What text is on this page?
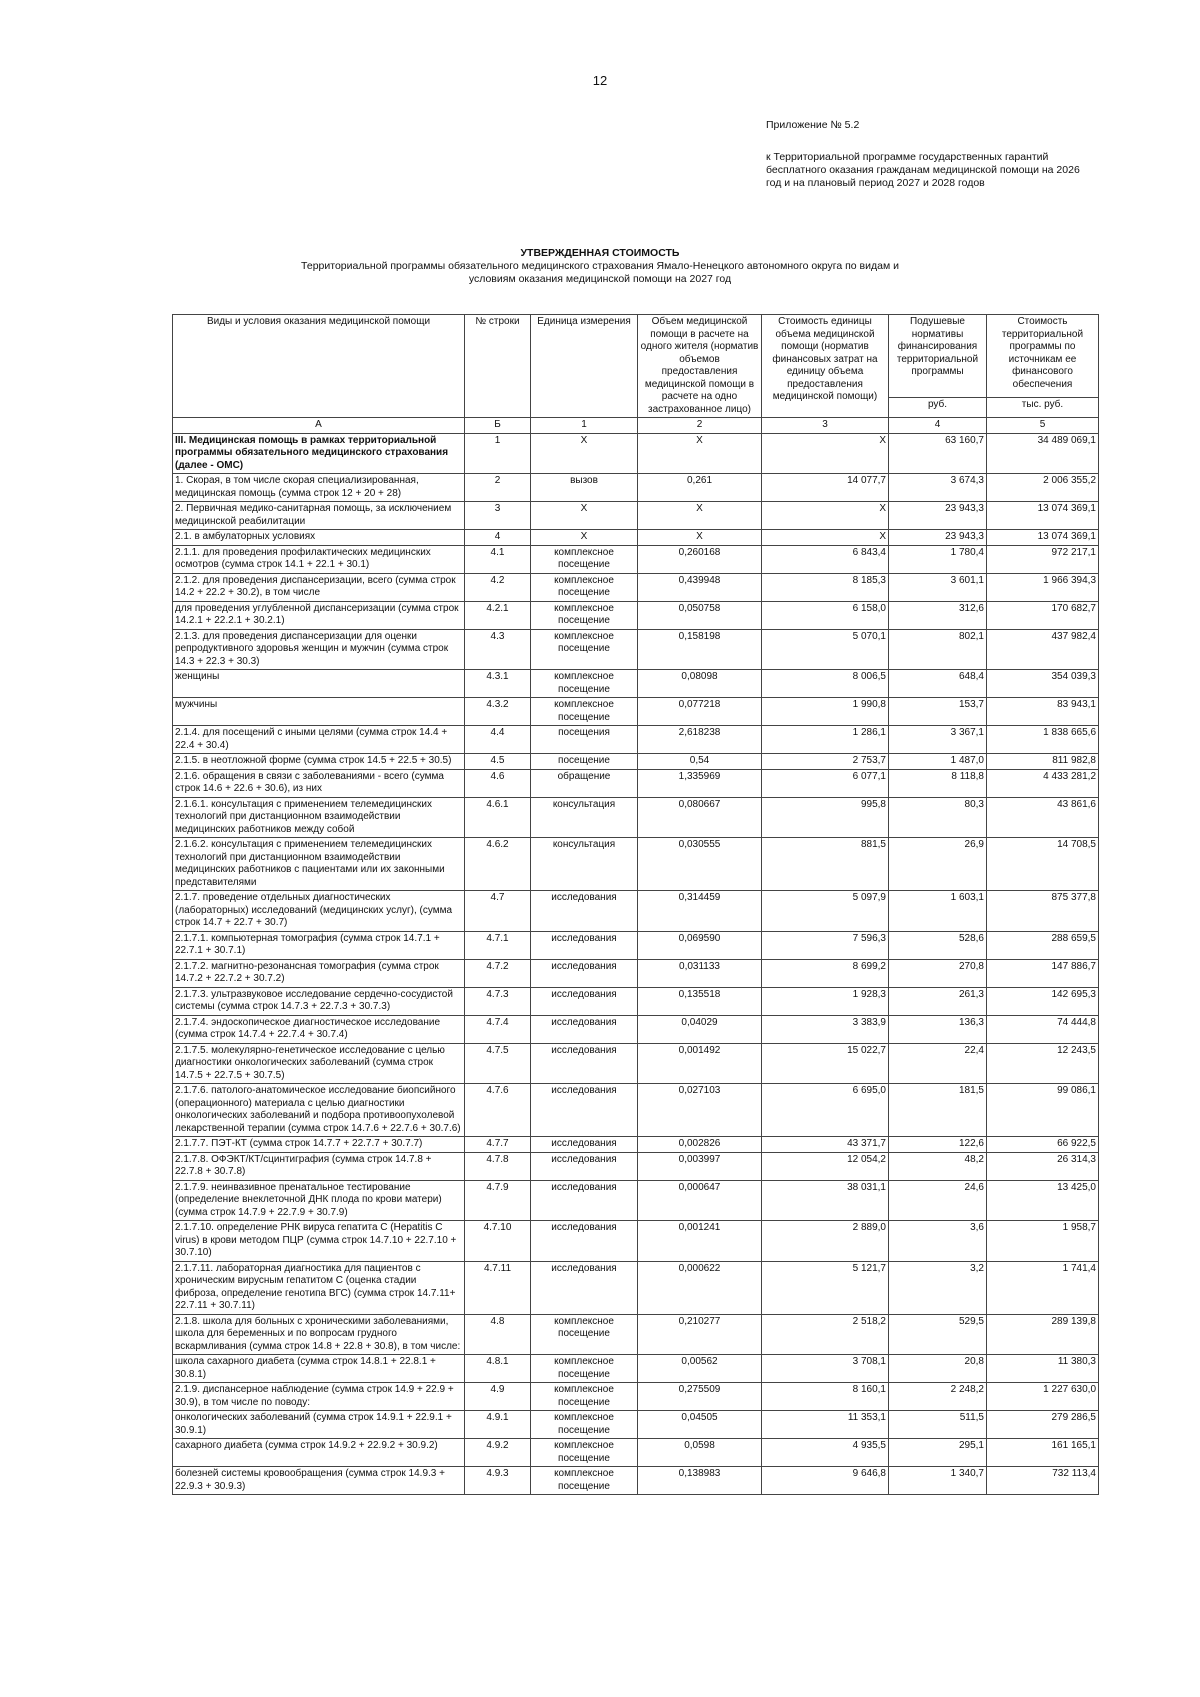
12

Приложение № 5.2

к Территориальной программе государственных гарантий бесплатного оказания гражданам медицинской помощи на 2026 год и на плановый период 2027 и 2028 годов

УТВЕРЖДЕННАЯ СТОИМОСТЬ
Территориальной программы обязательного медицинского страхования Ямало-Ненецкого автономного округа по видам и условиям оказания медицинской помощи на 2027 год
Виды и условия оказания медицинской помощи	№ строки	Единица измерения	Объем медицинской помощи в расчете на одного жителя (норматив объемов предоставления медицинской помощи в расчете на одно застрахованное лицо)	Стоимость единицы объема медицинской помощи (норматив финансовых затрат на единицу объема предоставления медицинской помощи)	Подушевые нормативы финансирования территориальной программы	Стоимость территориальной программы по источникам ее финансового обеспечения
					руб.	тыс. руб.
А	Б	1	2	3	4	5
III. Медицинская помощь в рамках территориальной программы обязательного медицинского страхования (далее - ОМС)	1	Х	Х	Х	63 160,7	34 489 069,1
1. Скорая, в том числе скорая специализированная, медицинская помощь (сумма строк 12 + 20 + 28)	2	вызов	0,261	14 077,7	3 674,3	2 006 355,2
2. Первичная медико-санитарная помощь, за исключением медицинской реабилитации	3	Х	Х	Х	23 943,3	13 074 369,1
2.1. в амбулаторных условиях	4	Х	Х	Х	23 943,3	13 074 369,1
2.1.1. для проведения профилактических медицинских осмотров (сумма строк 14.1 + 22.1 + 30.1)	4.1	комплексное посещение	0,260168	6 843,4	1 780,4	972 217,1
2.1.2. для проведения диспансеризации, всего (сумма строк 14.2 + 22.2 + 30.2), в том числе	4.2	комплексное посещение	0,439948	8 185,3	3 601,1	1 966 394,3
для проведения углубленной диспансеризации (сумма строк 14.2.1 + 22.2.1 + 30.2.1)	4.2.1	комплексное посещение	0,050758	6 158,0	312,6	170 682,7
2.1.3. для проведения диспансеризации для оценки репродуктивного здоровья женщин и мужчин (сумма строк 14.3 + 22.3 + 30.3)	4.3	комплексное посещение	0,158198	5 070,1	802,1	437 982,4
женщины	4.3.1	комплексное посещение	0,08098	8 006,5	648,4	354 039,3
мужчины	4.3.2	комплексное посещение	0,077218	1 990,8	153,7	83 943,1
2.1.4. для посещений с иными целями (сумма строк 14.4 + 22.4 + 30.4)	4.4	посещения	2,618238	1 286,1	3 367,1	1 838 665,6
2.1.5. в неотложной форме (сумма строк 14.5 + 22.5 + 30.5)	4.5	посещение	0,54	2 753,7	1 487,0	811 982,8
2.1.6. обращения в связи с заболеваниями - всего (сумма строк 14.6 + 22.6 + 30.6), из них	4.6	обращение	1,335969	6 077,1	8 118,8	4 433 281,2
2.1.6.1. консультация с применением телемедицинских технологий при дистанционном взаимодействии медицинских работников между собой	4.6.1	консультация	0,080667	995,8	80,3	43 861,6
2.1.6.2. консультация с применением телемедицинских технологий при дистанционном взаимодействии медицинских работников с пациентами или их законными представителями	4.6.2	консультация	0,030555	881,5	26,9	14 708,5
2.1.7. проведение отдельных диагностических (лабораторных) исследований (медицинских услуг), (сумма строк 14.7 + 22.7 + 30.7)	4.7	исследования	0,314459	5 097,9	1 603,1	875 377,8
2.1.7.1. компьютерная томография (сумма строк 14.7.1 + 22.7.1 + 30.7.1)	4.7.1	исследования	0,069590	7 596,3	528,6	288 659,5
2.1.7.2. магнитно-резонансная томография (сумма строк 14.7.2 + 22.7.2 + 30.7.2)	4.7.2	исследования	0,031133	8 699,2	270,8	147 886,7
2.1.7.3. ультразвуковое исследование сердечно-сосудистой системы (сумма строк 14.7.3 + 22.7.3 + 30.7.3)	4.7.3	исследования	0,135518	1 928,3	261,3	142 695,3
2.1.7.4. эндоскопическое диагностическое исследование (сумма строк 14.7.4 + 22.7.4 + 30.7.4)	4.7.4	исследования	0,04029	3 383,9	136,3	74 444,8
2.1.7.5. молекулярно-генетическое исследование с целью диагностики онкологических заболеваний (сумма строк 14.7.5 + 22.7.5 + 30.7.5)	4.7.5	исследования	0,001492	15 022,7	22,4	12 243,5
2.1.7.6. патолого-анатомическое исследование биопсийного (операционного) материала с целью диагностики онкологических заболеваний и подбора противоопухолевой лекарственной терапии (сумма строк 14.7.6 + 22.7.6 + 30.7.6)	4.7.6	исследования	0,027103	6 695,0	181,5	99 086,1
2.1.7.7. ПЭТ-КТ (сумма строк 14.7.7 + 22.7.7 + 30.7.7)	4.7.7	исследования	0,002826	43 371,7	122,6	66 922,5
2.1.7.8. ОФЭКТ/КТ/сцинтиграфия (сумма строк 14.7.8 + 22.7.8 + 30.7.8)	4.7.8	исследования	0,003997	12 054,2	48,2	26 314,3
2.1.7.9. неинвазивное пренатальное тестирование (определение внеклеточной ДНК плода по крови матери) (сумма строк 14.7.9 + 22.7.9 + 30.7.9)	4.7.9	исследования	0,000647	38 031,1	24,6	13 425,0
2.1.7.10. определение РНК вируса гепатита С (Hepatitis C virus) в крови методом ПЦР (сумма строк 14.7.10 + 22.7.10 + 30.7.10)	4.7.10	исследования	0,001241	2 889,0	3,6	1 958,7
2.1.7.11. лабораторная диагностика для пациентов с хроническим вирусным гепатитом С (оценка стадии фиброза, определение генотипа ВГС) (сумма строк 14.7.11+ 22.7.11 + 30.7.11)	4.7.11	исследования	0,000622	5 121,7	3,2	1 741,4
2.1.8. школа для больных с хроническими заболеваниями, школа для беременных и по вопросам грудного вскармливания (сумма строк 14.8 + 22.8 + 30.8), в том числе:	4.8	комплексное посещение	0,210277	2 518,2	529,5	289 139,8
школа сахарного диабета (сумма строк 14.8.1 + 22.8.1 + 30.8.1)	4.8.1	комплексное посещение	0,00562	3 708,1	20,8	11 380,3
2.1.9. диспансерное наблюдение (сумма строк 14.9 + 22.9 + 30.9), в том числе по поводу:	4.9	комплексное посещение	0,275509	8 160,1	2 248,2	1 227 630,0
онкологических заболеваний (сумма строк 14.9.1 + 22.9.1 + 30.9.1)	4.9.1	комплексное посещение	0,04505	11 353,1	511,5	279 286,5
сахарного диабета (сумма строк 14.9.2 + 22.9.2 + 30.9.2)	4.9.2	комплексное посещение	0,0598	4 935,5	295,1	161 165,1
болезней системы кровообращения (сумма строк 14.9.3 + 22.9.3 + 30.9.3)	4.9.3	комплексное посещение	0,138983	9 646,8	1 340,7	732 113,4
